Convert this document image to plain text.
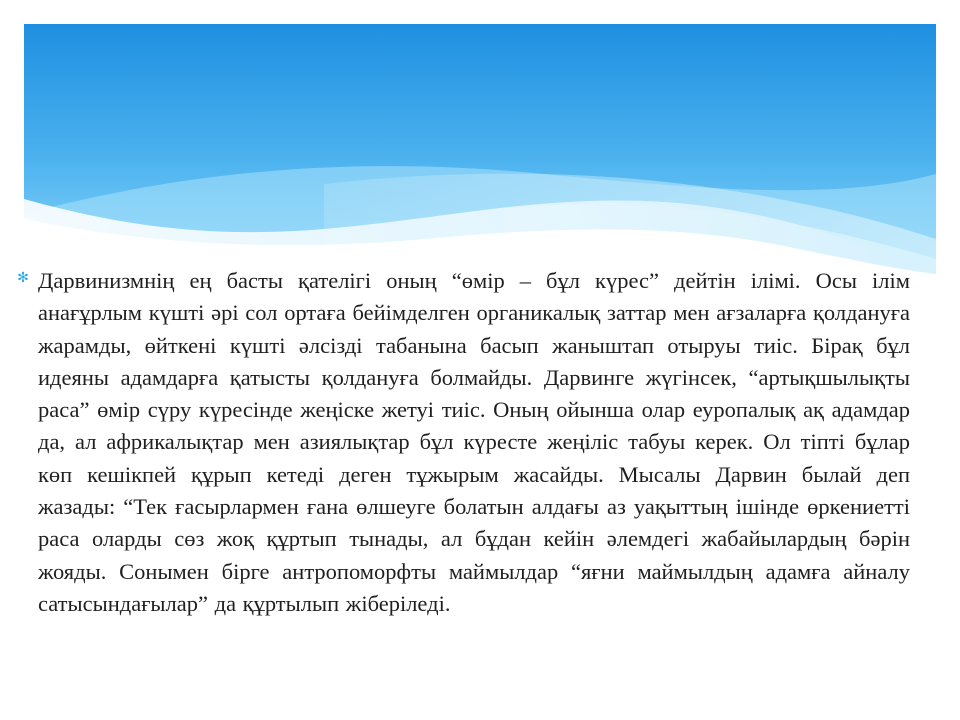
✻ Дарвинизмнің ең басты қателігі оның “өмір – бұл күрес” дейтін ілімі. Осы ілім анағұрлым күшті әрі сол ортаға бейімделген органикалық заттар мен ағзаларға қолдануға жарамды, өйткені күшті әлсізді табанына басып жаныштап отыруы тиіс. Бірақ бұл идеяны адамдарға қатысты қолдануға болмайды. Дарвинге жүгінсек, “артықшылықты раса” өмір сүру күресінде жеңіске жетуі тиіс. Оның ойынша олар еуропалық ақ адамдар да, ал африкалықтар мен азиялықтар бұл күресте жеңіліс табуы керек. Ол тіпті бұлар көп кешікпей құрып кетеді деген тұжырым жасайды. Мысалы Дарвин былай деп жазады: “Тек ғасырлармен ғана өлшеуге болатын алдағы аз уақыттың ішінде өркениетті раса оларды сөз жоқ құртып тынады, ал бұдан кейін әлемдегі жабайылардың бәрін жояды. Сонымен бірге антропоморфты маймылдар “яғни маймылдың адамға айналу сатысындағылар” да құртылып жіберіледі.
